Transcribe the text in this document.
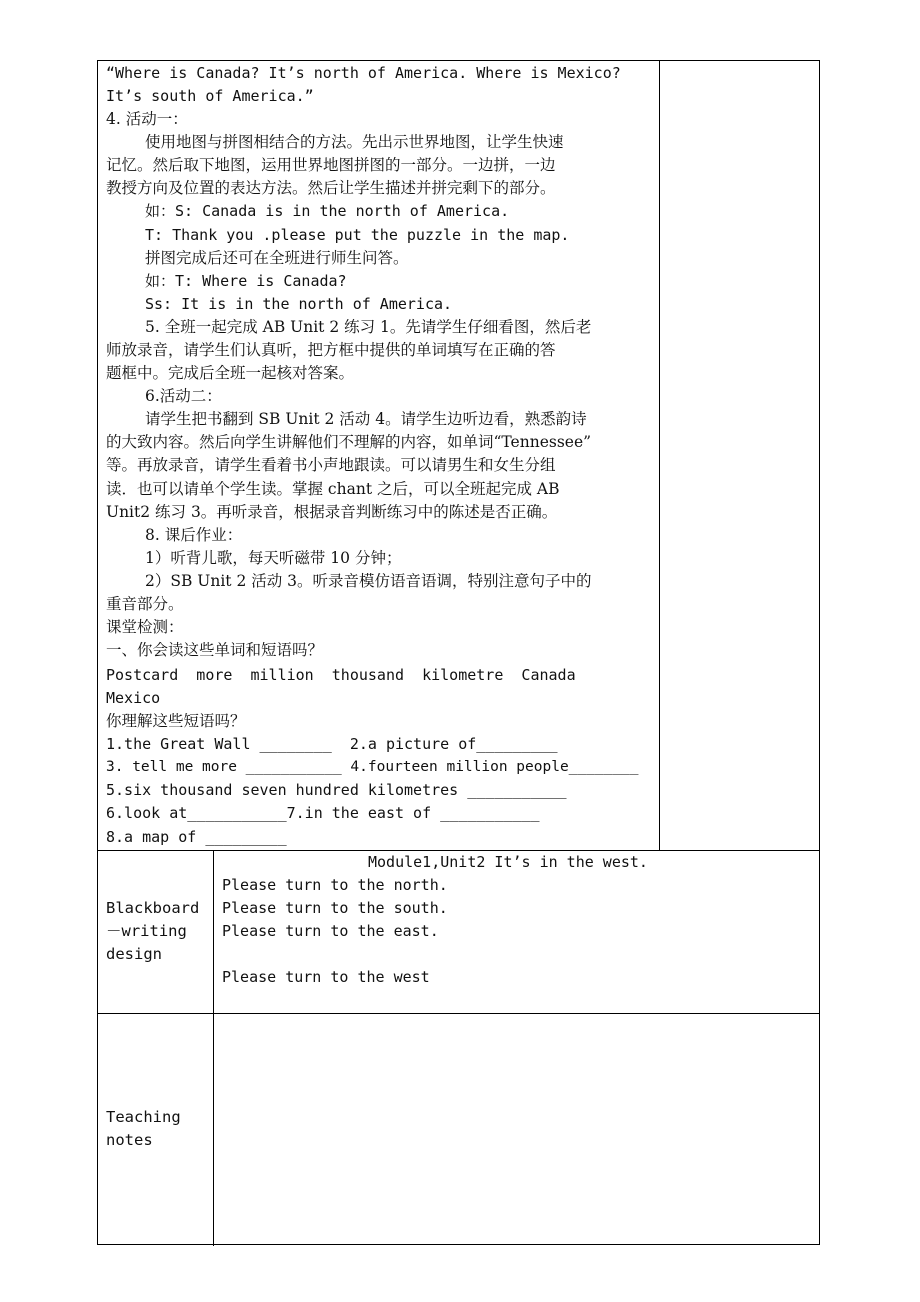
“Where is Canada? It’s north of America. Where is Mexico?
It’s south of America.”
4. 活动一：
使用地图与拼图相结合的方法。先出示世界地图，让学生快速
记忆。然后取下地图，运用世界地图拼图的一部分。一边拼，一边
教授方向及位置的表达方法。然后让学生描述并拼完剩下的部分。
如：S: Canada is in the north of America.
T: Thank you .please put the puzzle in the map.
拼图完成后还可在全班进行师生问答。
如：T: Where is Canada?
Ss: It is in the north of America.
5. 全班一起完成 AB Unit 2 练习 1。先请学生仔细看图，然后老
师放录音，请学生们认真听，把方框中提供的单词填写在正确的答
题框中。完成后全班一起核对答案。
6.活动二：
请学生把书翻到 SB Unit 2 活动 4。请学生边听边看，熟悉韵诗
的大致内容。然后向学生讲解他们不理解的内容，如单词“Tennessee”
等。再放录音，请学生看着书小声地跟读。可以请男生和女生分组
读．也可以请单个学生读。掌握 chant 之后，可以全班起完成 AB
Unit2 练习 3。再听录音，根据录音判断练习中的陈述是否正确。
8. 课后作业：
1）听背儿歌，每天听磁带 10 分钟；
2）SB Unit 2 活动 3。听录音模仿语音语调，特别注意句子中的
重音部分。
课堂检测：
一、你会读这些单词和短语吗？
Postcard  more  million  thousand  kilometre  Canada
Mexico
你理解这些短语吗？
1.the Great Wall ________  2.a picture of_________
3. tell me more ___________ 4.fourteen million people________
5.six thousand seven hundred kilometres ___________
6.look at___________7.in the east of ___________
8.a map of _________
Blackboard
－writing
design
Module1,Unit2 It’s in the west.
Please turn to the north.
Please turn to the south.
Please turn to the east.
Please turn to the west
Teaching
notes
